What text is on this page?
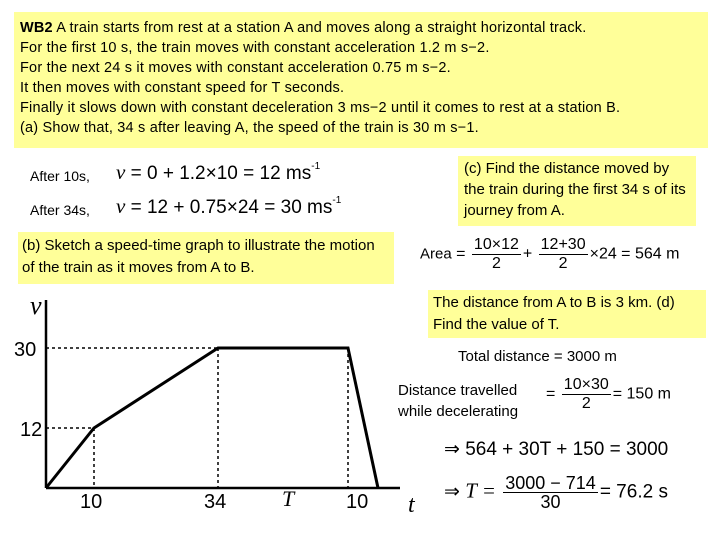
WB2 A train starts from rest at a station A and moves along a straight horizontal track.
For the first 10 s, the train moves with constant acceleration 1.2 m s−2.
For the next 24 s it moves with constant acceleration 0.75 m s−2.
It then moves with constant speed for T seconds.
Finally it slows down with constant deceleration 3 ms−2 until it comes to rest at a station B.
(a) Show that, 34 s after leaving A, the speed of the train is 30 m s−1.
After 10s, v = 0 + 1.2×10 = 12 $ms^{-1}$
After 34s, v = 12 + 0.75×24 = 30 $ms^{-1}$
(c) Find the distance moved by the train during the first 34 s of its journey from A.
(b) Sketch a speed-time graph to illustrate the motion of the train as it moves from A to B.
Area = $\frac{10\times 12}{2} + \frac{12+30}{2} \times 24 = 564$ m
The distance from A to B is 3 km. (d) Find the value of T.
Total distance = 3000 m
Distance travelled
while decelerating
= $\frac{10\times 30}{2} = 150$ m
⇒ 564 + 30T + 150 = 3000
⇒ $T = \frac{3000 - 714}{30} = 76.2$ s
v
t
30
12
10	34	T	10
